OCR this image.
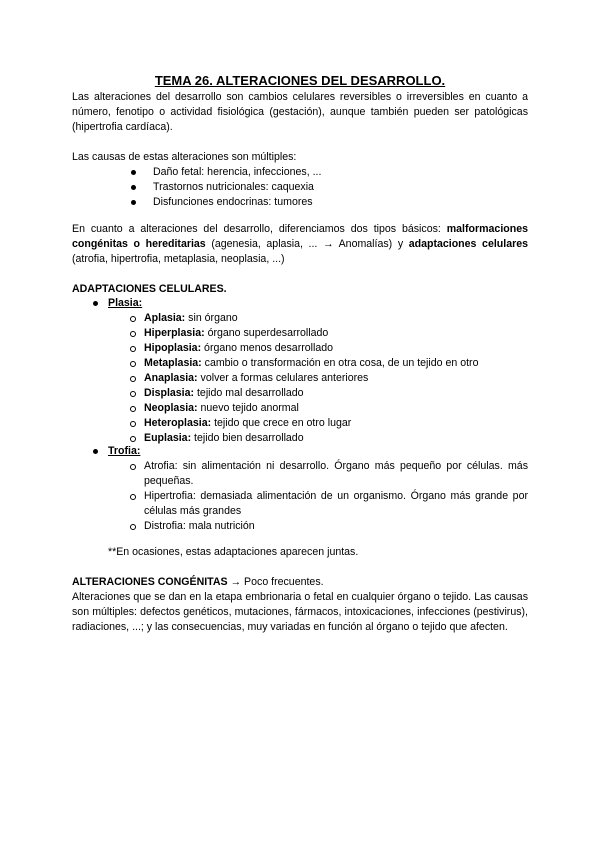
TEMA 26. ALTERACIONES DEL DESARROLLO.
Las alteraciones del desarrollo son cambios celulares reversibles o irreversibles en cuanto a número, fenotipo o actividad fisiológica (gestación), aunque también pueden ser patológicas (hipertrofia cardíaca).
Las causas de estas alteraciones son múltiples:
Daño fetal: herencia, infecciones, ...
Trastornos nutricionales: caquexia
Disfunciones endocrinas: tumores
En cuanto a alteraciones del desarrollo, diferenciamos dos tipos básicos: malformaciones congénitas o hereditarias (agenesia, aplasia, ... → Anomalías) y adaptaciones celulares (atrofia, hipertrofia, metaplasia, neoplasia, ...)
ADAPTACIONES CELULARES.
Plasia:
Aplasia: sin órgano
Hiperplasia: órgano superdesarrollado
Hipoplasia: órgano menos desarrollado
Metaplasia: cambio o transformación en otra cosa, de un tejido en otro
Anaplasia: volver a formas celulares anteriores
Displasia: tejido mal desarrollado
Neoplasia: nuevo tejido anormal
Heteroplasia: tejido que crece en otro lugar
Euplasia: tejido bien desarrollado
Trofia:
Atrofia: sin alimentación ni desarrollo. Órgano más pequeño por células. más pequeñas.
Hipertrofia: demasiada alimentación de un organismo. Órgano más grande por células más grandes
Distrofia: mala nutrición
**En ocasiones, estas adaptaciones aparecen juntas.
ALTERACIONES CONGÉNITAS → Poco frecuentes.
Alteraciones que se dan en la etapa embrionaria o fetal en cualquier órgano o tejido. Las causas son múltiples: defectos genéticos, mutaciones, fármacos, intoxicaciones, infecciones (pestivirus), radiaciones, ...; y las consecuencias, muy variadas en función al órgano o tejido que afecten.
